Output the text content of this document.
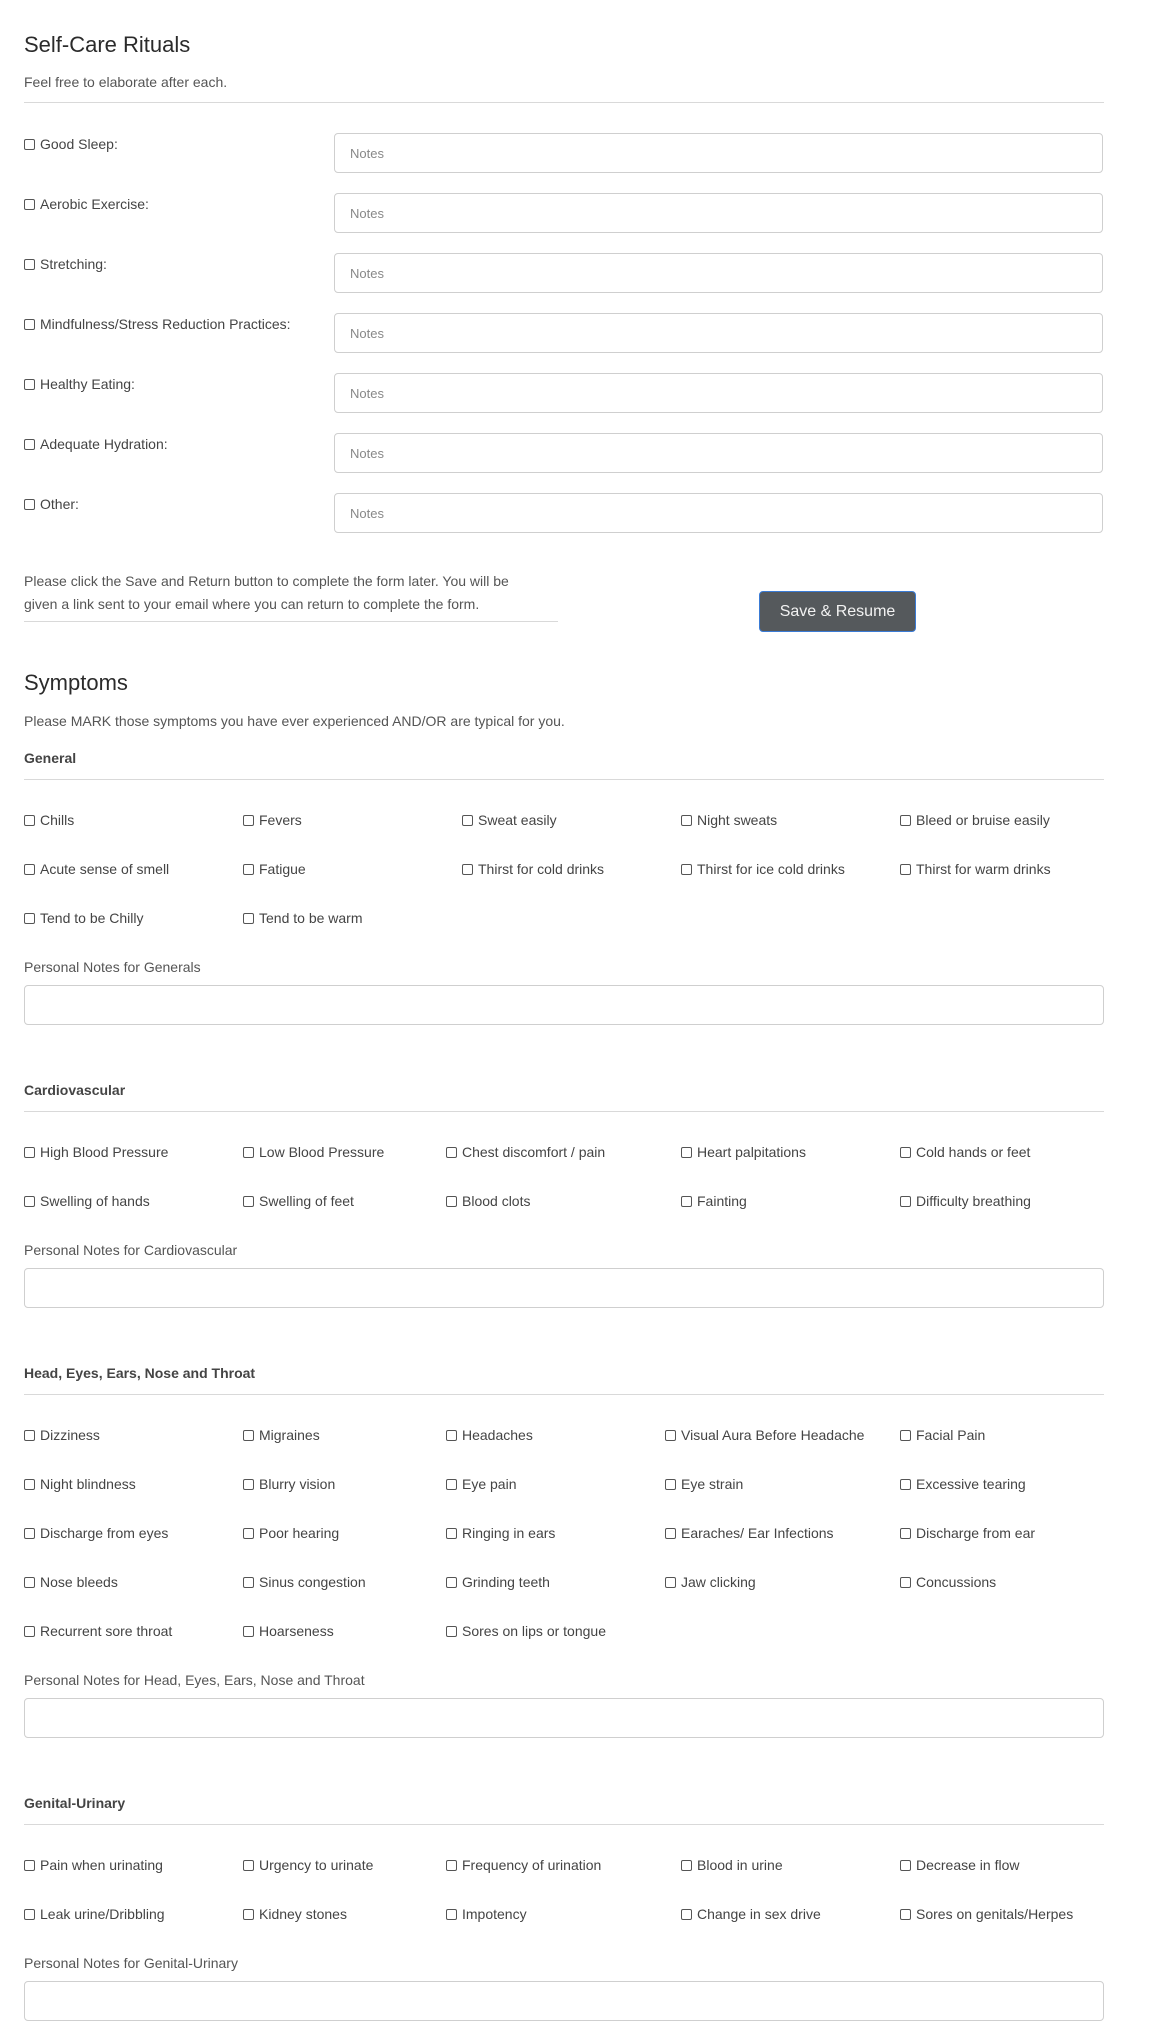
Self-Care Rituals
Feel free to elaborate after each.
Good Sleep:
Notes
Aerobic Exercise:
Notes
Stretching:
Notes
Mindfulness/Stress Reduction Practices:
Notes
Healthy Eating:
Notes
Adequate Hydration:
Notes
Other:
Notes
Please click the Save and Return button to complete the form later. You will be
given a link sent to your email where you can return to complete the form.	Save & Resume
Symptoms
Please MARK those symptoms you have ever experienced AND/OR are typical for you.
General
Chills	Fevers	Sweat easily	Night sweats	Bleed or bruise easily
Acute sense of smell	Fatigue	Thirst for cold drinks	Thirst for ice cold drinks	Thirst for warm drinks
Tend to be Chilly	Tend to be warm
Personal Notes for Generals
Cardiovascular
High Blood Pressure	Low Blood Pressure	Chest discomfort / pain	Heart palpitations	Cold hands or feet
Swelling of hands	Swelling of feet	Blood clots	Fainting	Difficulty breathing
Personal Notes for Cardiovascular
Head, Eyes, Ears, Nose and Throat
Dizziness	Migraines	Headaches	Visual Aura Before Headache	Facial Pain
Night blindness	Blurry vision	Eye pain	Eye strain	Excessive tearing
Discharge from eyes	Poor hearing	Ringing in ears	Earaches/ Ear Infections	Discharge from ear
Nose bleeds	Sinus congestion	Grinding teeth	Jaw clicking	Concussions
Recurrent sore throat	Hoarseness	Sores on lips or tongue
Personal Notes for Head, Eyes, Ears, Nose and Throat
Genital-Urinary
Pain when urinating	Urgency to urinate	Frequency of urination	Blood in urine	Decrease in flow
Leak urine/Dribbling	Kidney stones	Impotency	Change in sex drive	Sores on genitals/Herpes
Personal Notes for Genital-Urinary
